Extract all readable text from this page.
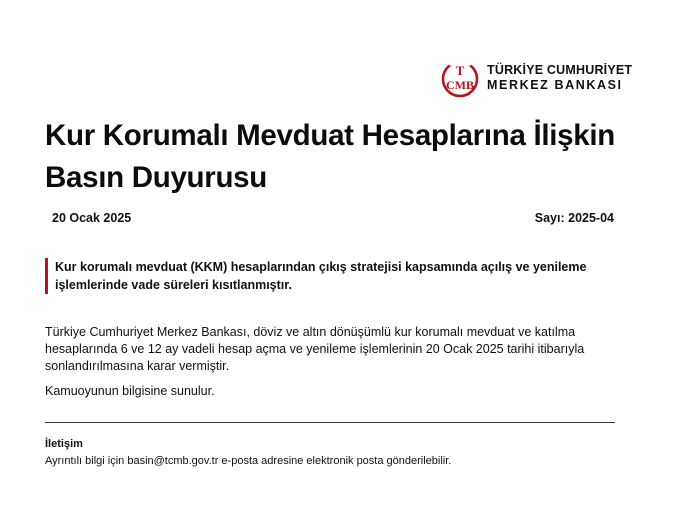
T
CMB
TÜRKİYE CUMHURİYET
MERKEZ BANKASI
Kur Korumalı Mevduat Hesaplarına İlişkin Basın Duyurusu
20 Ocak 2025	Sayı: 2025-04
Kur korumalı mevduat (KKM) hesaplarından çıkış stratejisi kapsamında açılış ve yenileme işlemlerinde vade süreleri kısıtlanmıştır.

Türkiye Cumhuriyet Merkez Bankası, döviz ve altın dönüşümlü kur korumalı mevduat ve katılma hesaplarında 6 ve 12 ay vadeli hesap açma ve yenileme işlemlerinin 20 Ocak 2025 tarihi itibarıyla sonlandırılmasına karar vermiştir.

Kamuoyunun bilgisine sunulur.

İletişim

Ayrıntılı bilgi için basin@tcmb.gov.tr e-posta adresine elektronik posta gönderilebilir.
